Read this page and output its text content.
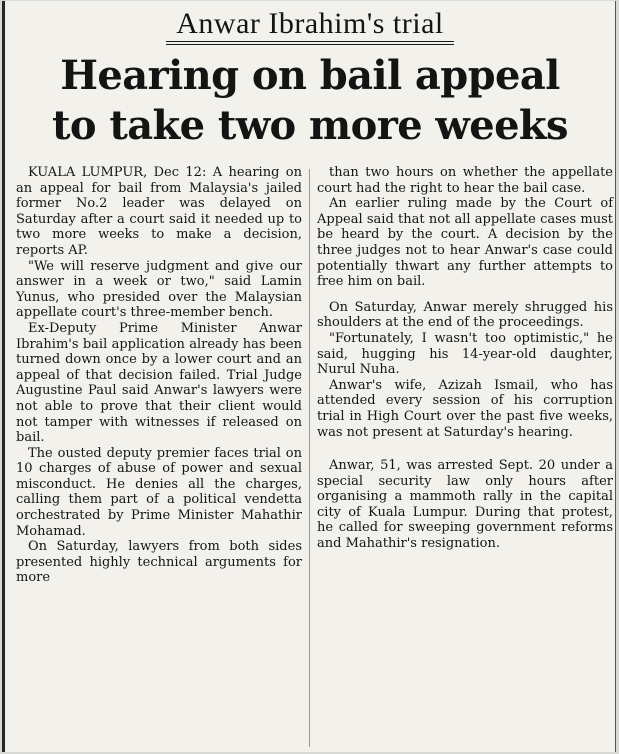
Anwar Ibrahim's trial
Hearing on bail appeal
to take two more weeks

KUALA LUMPUR, Dec 12: A hearing on an appeal for bail from Malaysia's jailed former No.2 leader was delayed on Saturday after a court said it needed up to two more weeks to make a decision, reports AP.

"We will reserve judgment and give our answer in a week or two," said Lamin Yunus, who presided over the Malaysian appellate court's three-member bench.

Ex-Deputy Prime Minister Anwar Ibrahim's bail application already has been turned down once by a lower court and an appeal of that decision failed. Trial Judge Augustine Paul said Anwar's lawyers were not able to prove that their client would not tamper with witnesses if released on bail.

The ousted deputy premier faces trial on 10 charges of abuse of power and sexual misconduct. He denies all the charges, calling them part of a political vendetta orchestrated by Prime Minister Mahathir Mohamad.

On Saturday, lawyers from both sides presented highly technical arguments for more

than two hours on whether the appellate court had the right to hear the bail case.

An earlier ruling made by the Court of Appeal said that not all appellate cases must be heard by the court. A decision by the three judges not to hear Anwar's case could potentially thwart any further attempts to free him on bail.

On Saturday, Anwar merely shrugged his shoulders at the end of the proceedings.

"Fortunately, I wasn't too optimistic," he said, hugging his 14-year-old daughter, Nurul Nuha.

Anwar's wife, Azizah Ismail, who has attended every session of his corruption trial in High Court over the past five weeks, was not present at Saturday's hearing.

Anwar, 51, was arrested Sept. 20 under a special security law only hours after organising a mammoth rally in the capital city of Kuala Lumpur. During that protest, he called for sweeping government reforms and Mahathir's resignation.
